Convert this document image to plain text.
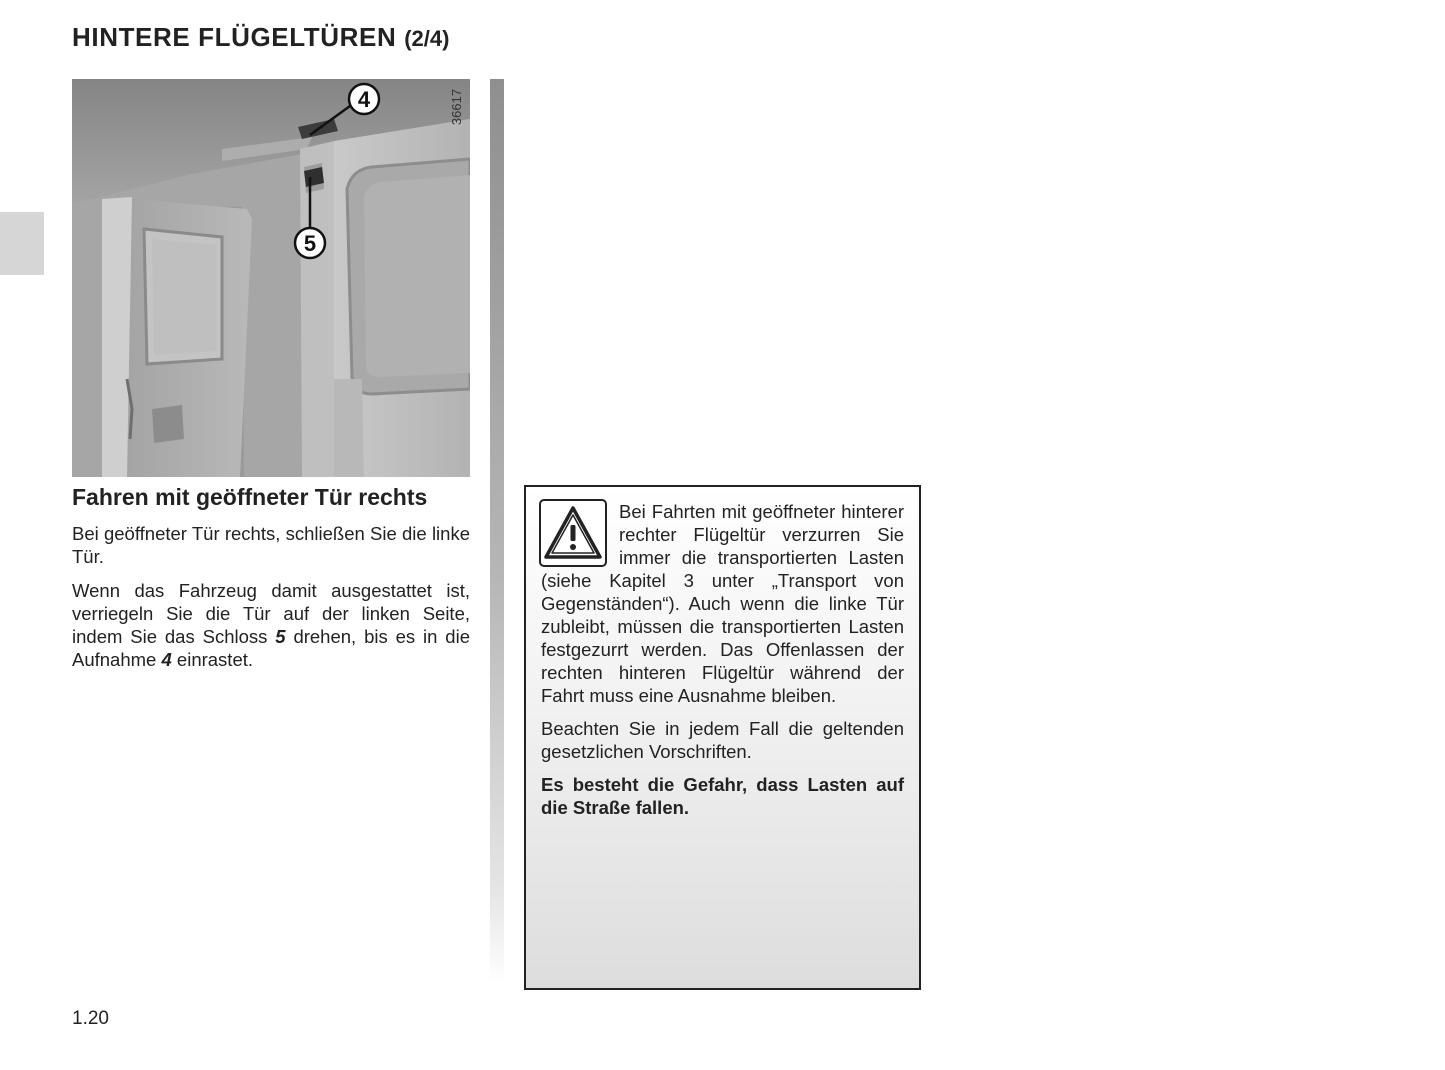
HINTERE FLÜGELTÜREN (2/4)
36617
4
5
Fahren mit geöffneter Tür rechts

Bei geöffneter Tür rechts, schließen Sie die linke Tür.

Wenn das Fahrzeug damit ausgestattet ist, verriegeln Sie die Tür auf der linken Seite, indem Sie das Schloss 5 drehen, bis es in die Aufnahme 4 einrastet.

Bei Fahrten mit geöffneter hinterer rechter Flügeltür verzurren Sie immer die transportierten Lasten (siehe Kapitel 3 unter „Transport von Gegenständen“). Auch wenn die linke Tür zubleibt, müssen die transportierten Lasten festgezurrt werden. Das Offenlassen der rechten hinteren Flügeltür während der Fahrt muss eine Ausnahme bleiben.

Beachten Sie in jedem Fall die geltenden gesetzlichen Vorschriften.

Es besteht die Gefahr, dass Lasten auf die Straße fallen.

1.20
